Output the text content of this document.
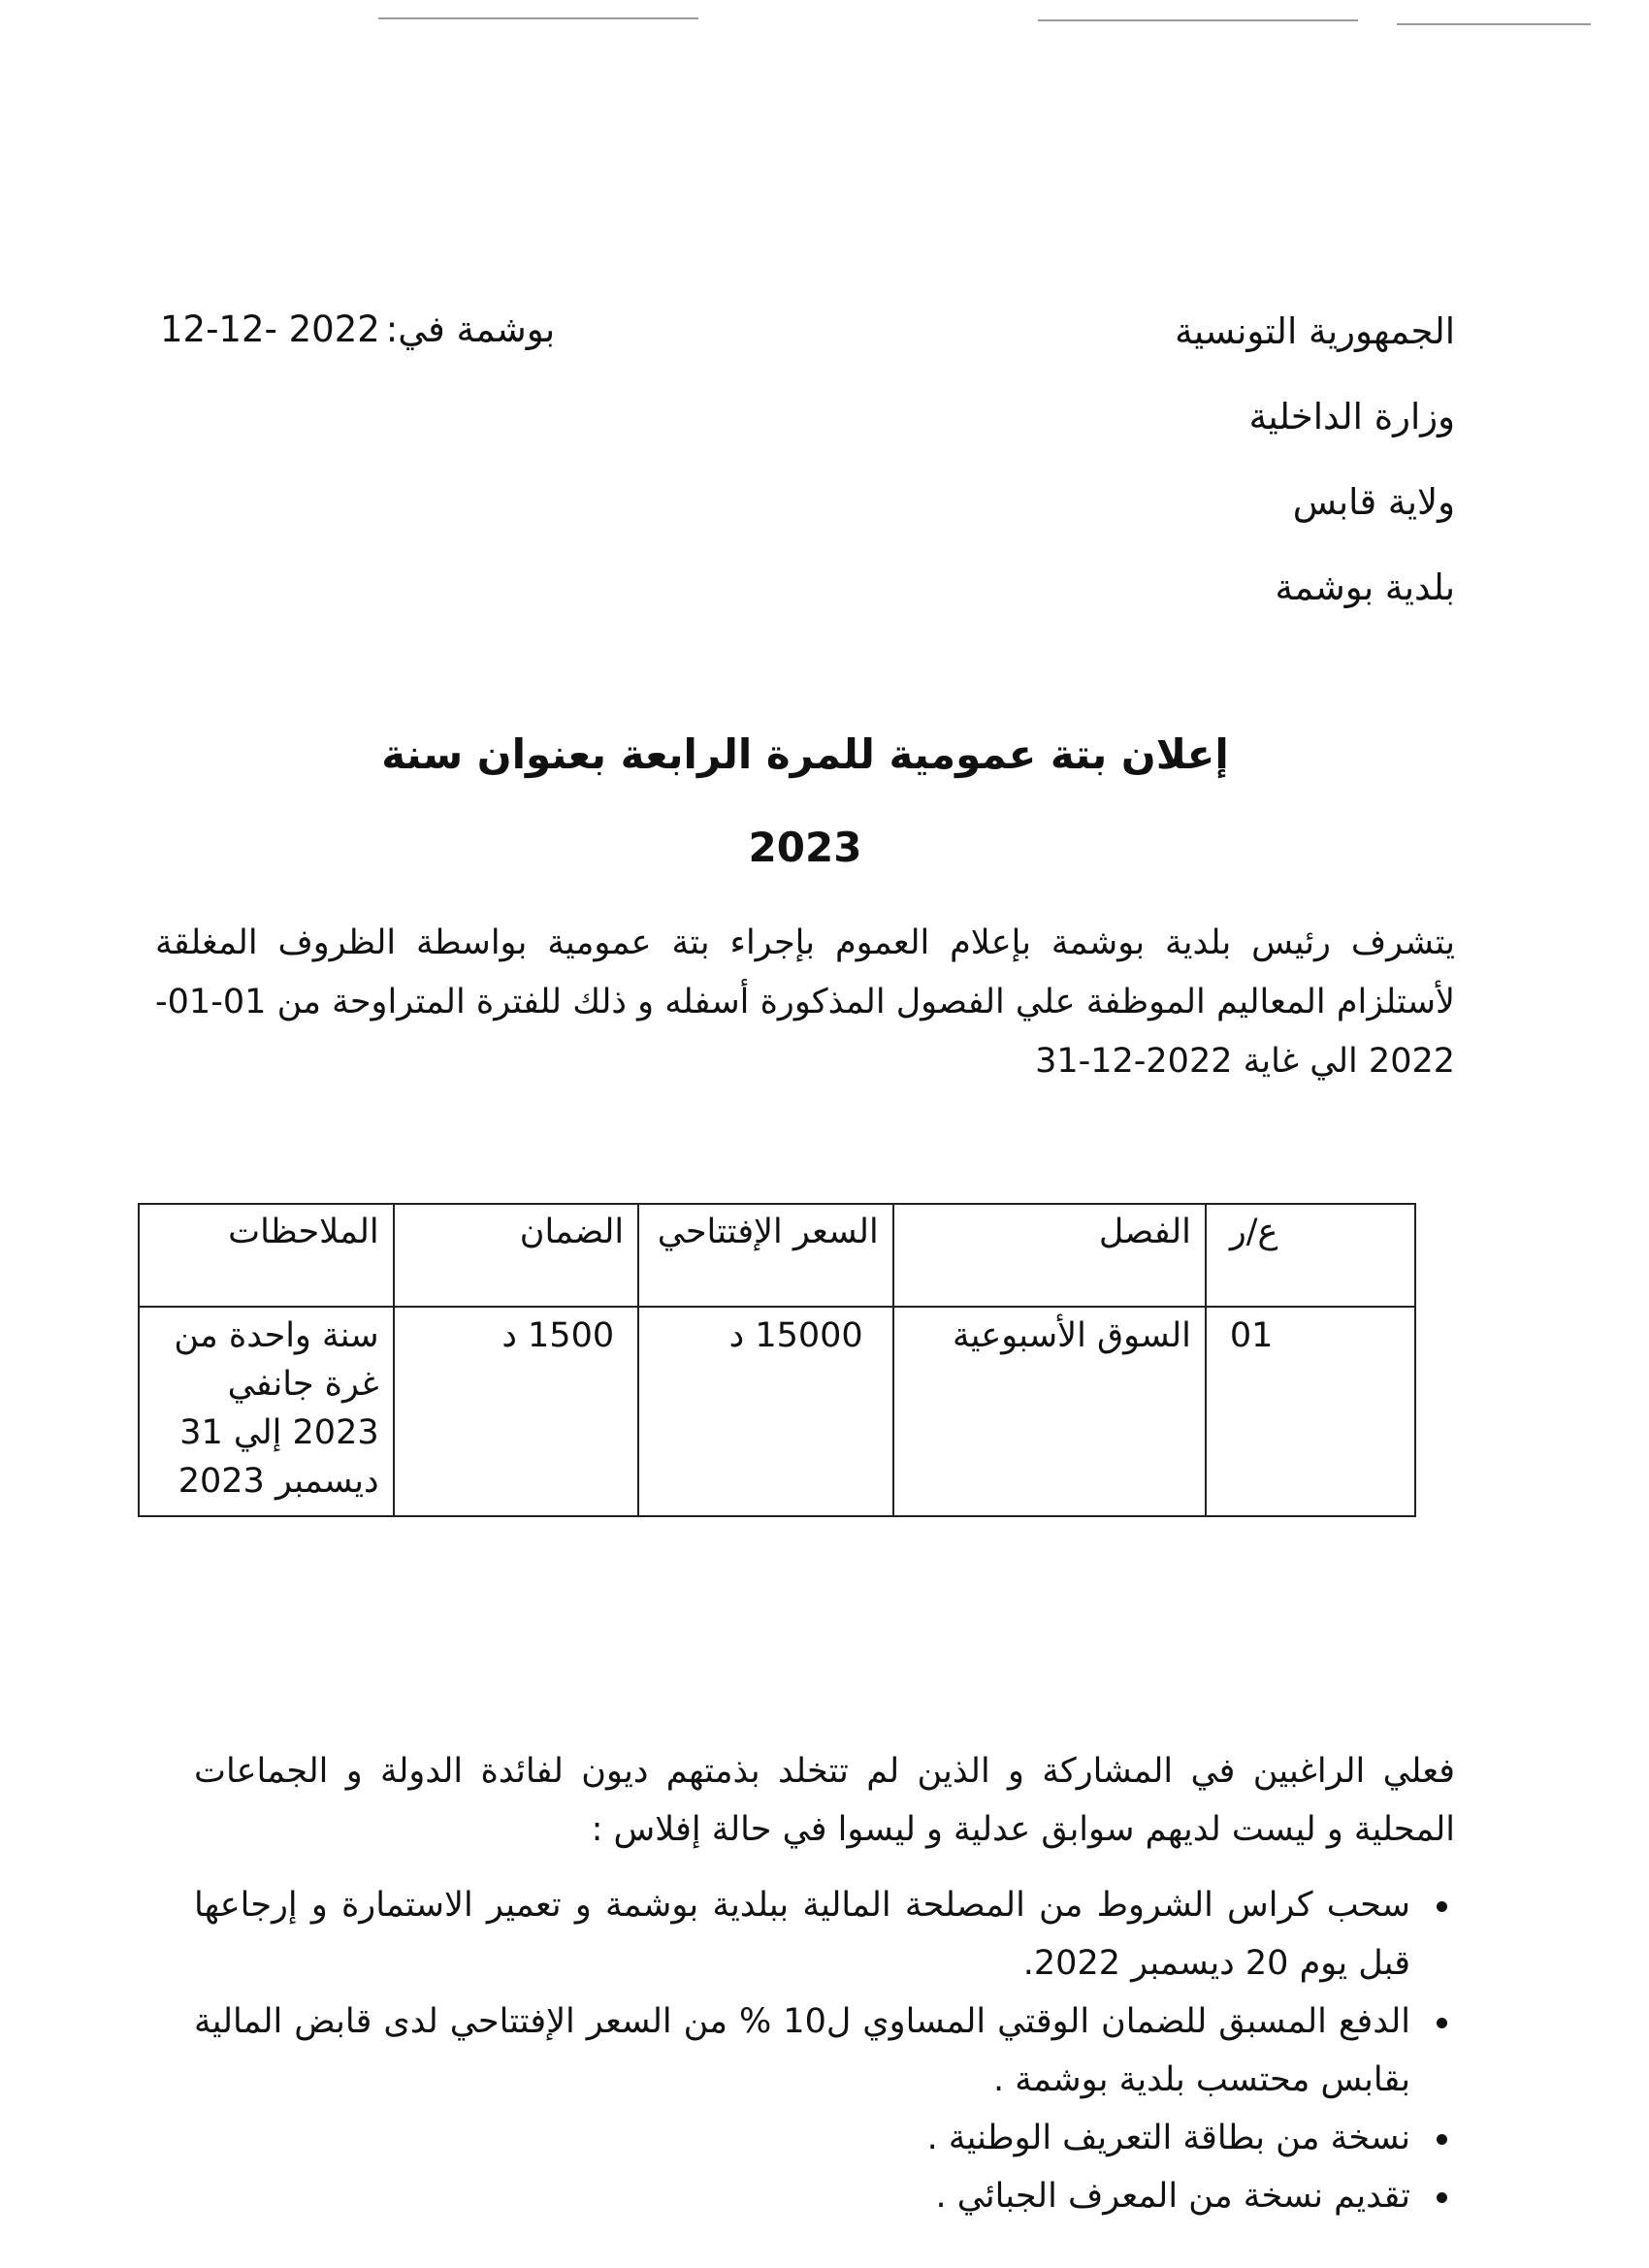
الجمهورية التونسية
وزارة الداخلية
ولاية قابس
بلدية بوشمة
بوشمة في:12-12- 2022
إعلان بتة عمومية للمرة الرابعة بعنوان سنة
2023
يتشرف رئيس بلدية بوشمة بإعلام العموم بإجراء بتة عمومية بواسطة الظروف المغلقة لأستلزام المعاليم الموظفة علي الفصول المذكورة أسفله و ذلك للفترة المتراوحة من 01-01-2022 الي غاية 31-12-2022
ع/ر	الفصل	السعر الإفتتاحي	الضمان	الملاحظات
01	السوق الأسبوعية	15000 د	1500 د	سنة واحدة من غرة جانفي 2023 إلي 31 ديسمبر 2023
فعلي الراغبين في المشاركة و الذين لم تتخلد بذمتهم ديون لفائدة الدولة و الجماعات المحلية و ليست لديهم سوابق عدلية و ليسوا في حالة إفلاس :
سحب كراس الشروط من المصلحة المالية ببلدية بوشمة و تعمير الاستمارة و إرجاعها قبل يوم 20 ديسمبر 2022.
الدفع المسبق للضمان الوقتي المساوي ل10 % من السعر الإفتتاحي لدى قابض المالية بقابس محتسب بلدية بوشمة .
نسخة من بطاقة التعريف الوطنية .
تقديم نسخة من المعرف الجبائي .
